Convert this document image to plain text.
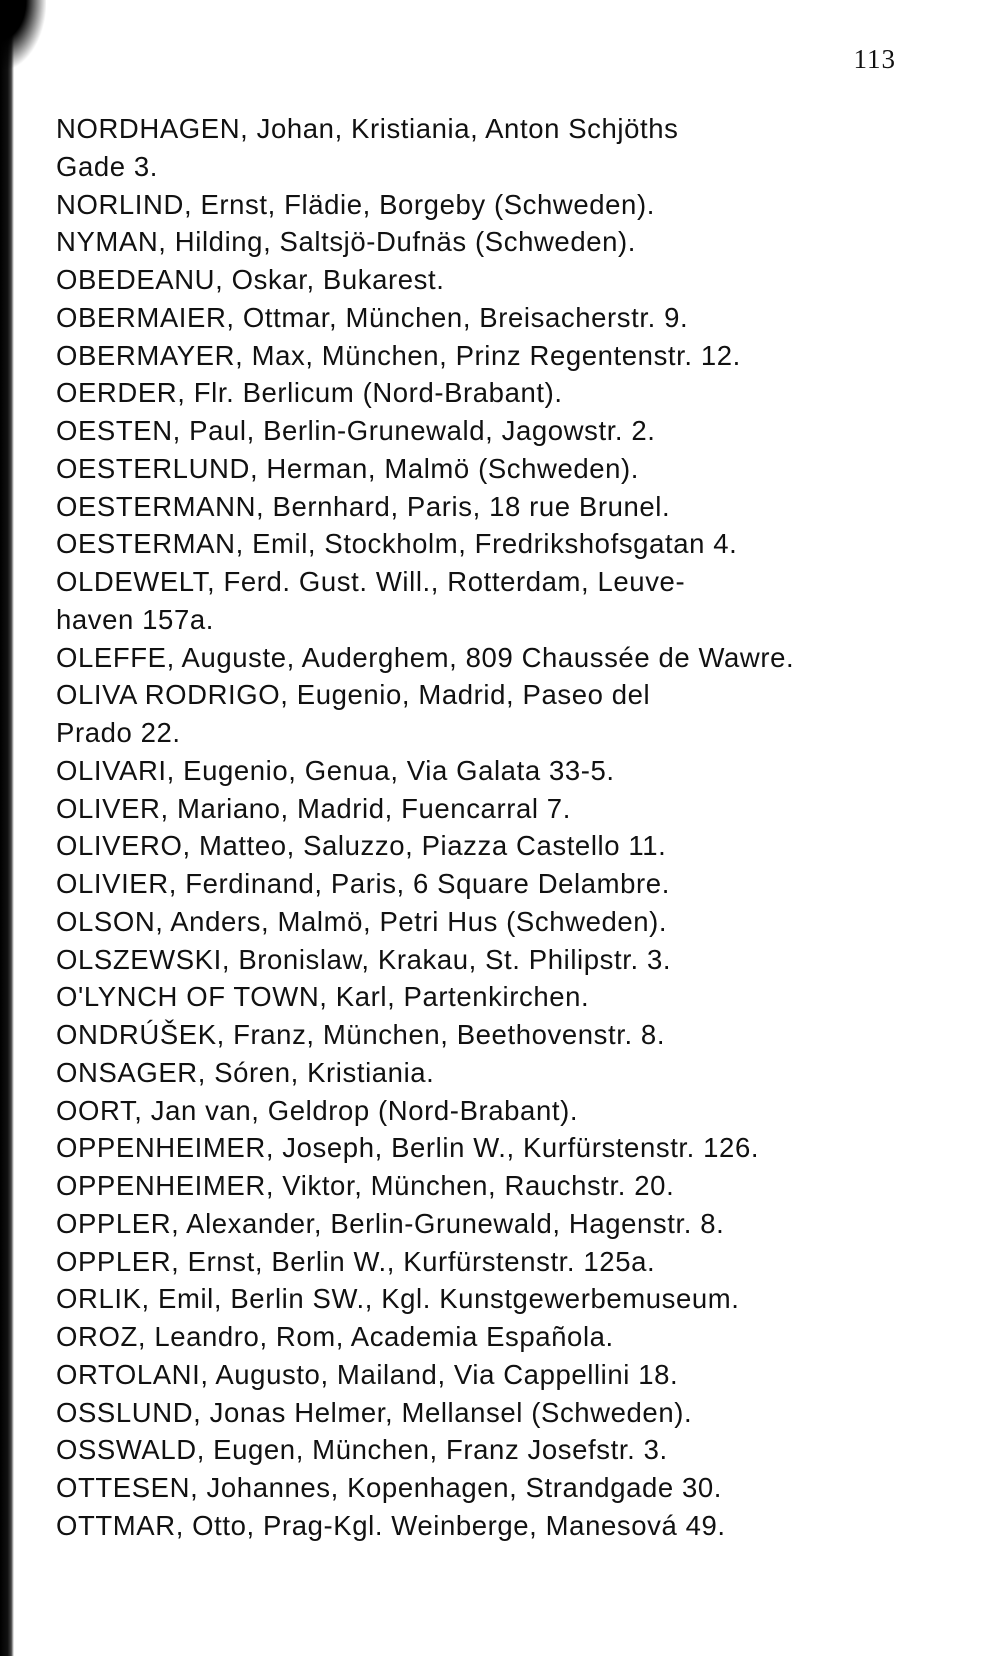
113
NORDHAGEN, Johan, Kristiania, Anton Schjöths
Gade 3.
NORLIND, Ernst, Flädie, Borgeby (Schweden).
NYMAN, Hilding, Saltsjö-Dufnäs (Schweden).
OBEDEANU, Oskar, Bukarest.
OBERMAIER, Ottmar, München, Breisacherstr. 9.
OBERMAYER, Max, München, Prinz Regentenstr. 12.
OERDER, Flr. Berlicum (Nord-Brabant).
OESTEN, Paul, Berlin-Grunewald, Jagowstr. 2.
OESTERLUND, Herman, Malmö (Schweden).
OESTERMANN, Bernhard, Paris, 18 rue Brunel.
OESTERMAN, Emil, Stockholm, Fredrikshofsgatan 4.
OLDEWELT, Ferd. Gust. Will., Rotterdam, Leuve-
haven 157a.
OLEFFE, Auguste, Auderghem, 809 Chaussée de Wawre.
OLIVA RODRIGO, Eugenio, Madrid, Paseo del
Prado 22.
OLIVARI, Eugenio, Genua, Via Galata 33-5.
OLIVER, Mariano, Madrid, Fuencarral 7.
OLIVERO, Matteo, Saluzzo, Piazza Castello 11.
OLIVIER, Ferdinand, Paris, 6 Square Delambre.
OLSON, Anders, Malmö, Petri Hus (Schweden).
OLSZEWSKI, Bronislaw, Krakau, St. Philipstr. 3.
O'LYNCH OF TOWN, Karl, Partenkirchen.
ONDRÚŠEK, Franz, München, Beethovenstr. 8.
ONSAGER, Sóren, Kristiania.
OORT, Jan van, Geldrop (Nord-Brabant).
OPPENHEIMER, Joseph, Berlin W., Kurfürstenstr. 126.
OPPENHEIMER, Viktor, München, Rauchstr. 20.
OPPLER, Alexander, Berlin-Grunewald, Hagenstr. 8.
OPPLER, Ernst, Berlin W., Kurfürstenstr. 125a.
ORLIK, Emil, Berlin SW., Kgl. Kunstgewerbemuseum.
OROZ, Leandro, Rom, Academia Española.
ORTOLANI, Augusto, Mailand, Via Cappellini 18.
OSSLUND, Jonas Helmer, Mellansel (Schweden).
OSSWALD, Eugen, München, Franz Josefstr. 3.
OTTESEN, Johannes, Kopenhagen, Strandgade 30.
OTTMAR, Otto, Prag-Kgl. Weinberge, Manesová 49.
